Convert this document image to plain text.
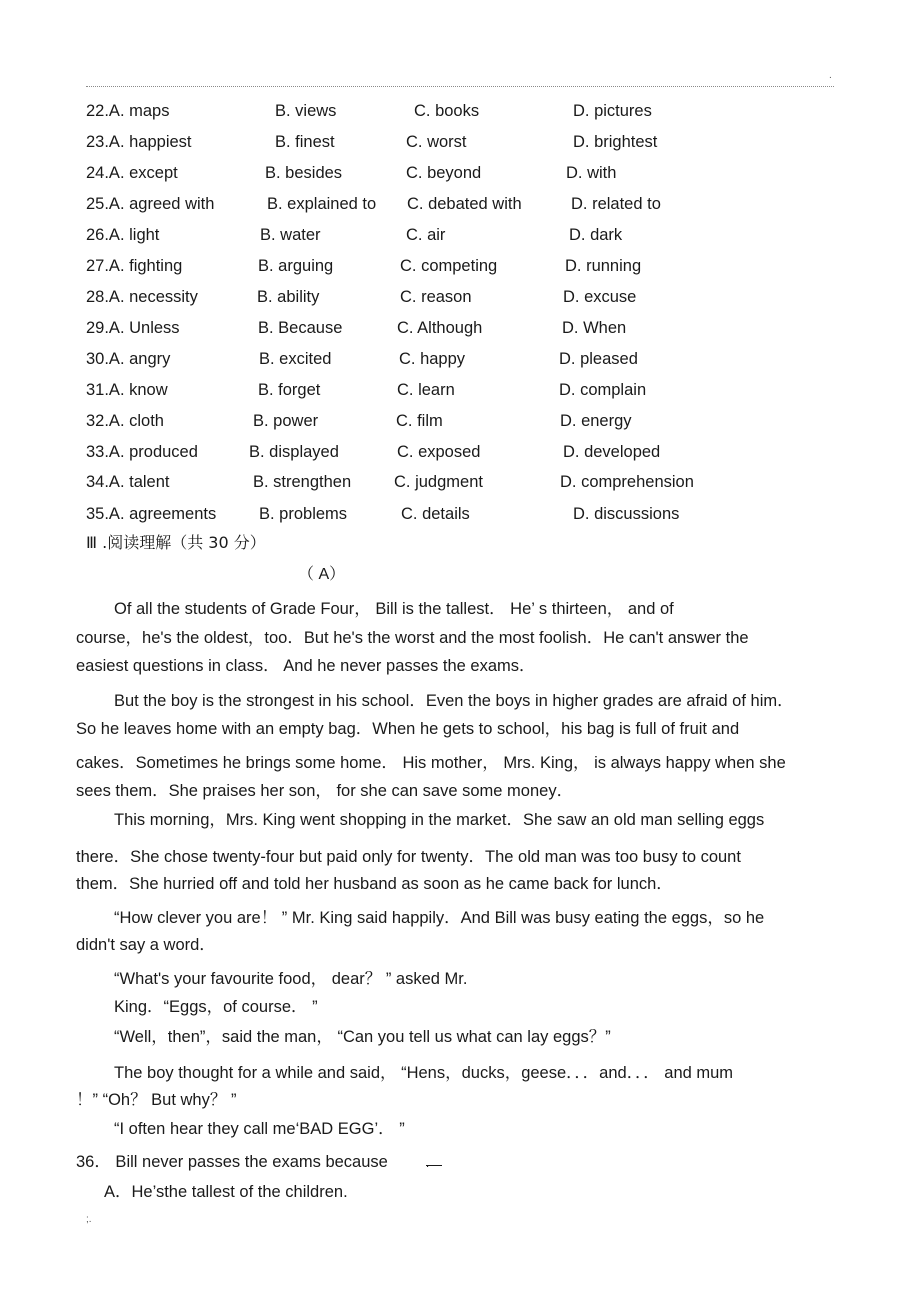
.
22.A. maps	B. views	C. books	D. pictures
23.A. happiest	B. finest	C. worst	D. brightest
24.A. except	B. besides	C. beyond	D. with
25.A. agreed with	B. explained to C. debated with	D. related to
26.A. light	B. water	C. air	D. dark
27.A. fighting	B. arguing	C. competing	D. running
28.A. necessity	B. ability	C. reason	D. excuse
29.A. Unless	B. Because	C. Although	D. When
30.A. angry	B. excited	C. happy	D. pleased
31.A. know	B. forget	C. learn	D. complain
32.A. cloth	B. power	C. film	D. energy
33.A. produced	B. displayed	C. exposed	D. developed
34.A. talent	B. strengthen	C. judgment	D. comprehension
35.A. agreements	B. problems	C. details	D. discussions
Ⅲ .阅读理解（共 30 分）
（ A）
Of all the students of Grade Four， Bill is the tallest． He’ s thirteen， and of
course，he's the oldest，too．But he's the worst and the most foolish．He can't answer the
easiest questions in class． And he never passes the exams．
But the boy is the strongest in his school．Even the boys in higher grades are afraid of him．
So he leaves home with an empty bag．When he gets to school，his bag is full of fruit and
cakes．Sometimes he brings some home． His mother， Mrs. King， is always happy when she
sees them．She praises her son， for she can save some money．
This morning，Mrs. King went shopping in the market．She saw an old man selling eggs
there．She chose twenty-four but paid only for twenty．The old man was too busy to count
them．She hurried off and told her husband as soon as he came back for lunch．
“How clever you are！ ” Mr. King said happily．And Bill was busy eating the eggs，so he
didn't say a word．
“What's your favourite food， dear？ ” asked Mr.
King．“Eggs，of course． ”
“Well，then”，said the man， “Can you tell us what can lay eggs？”
The boy thought for a while and said， “Hens，ducks，geese．．．and．．． and mum
！” “Oh？ But why？ ”
“I often hear they call me‘BAD EGG’． ”
36． Bill never passes the exams because	.
A．He’sthe tallest of the children.
;.
